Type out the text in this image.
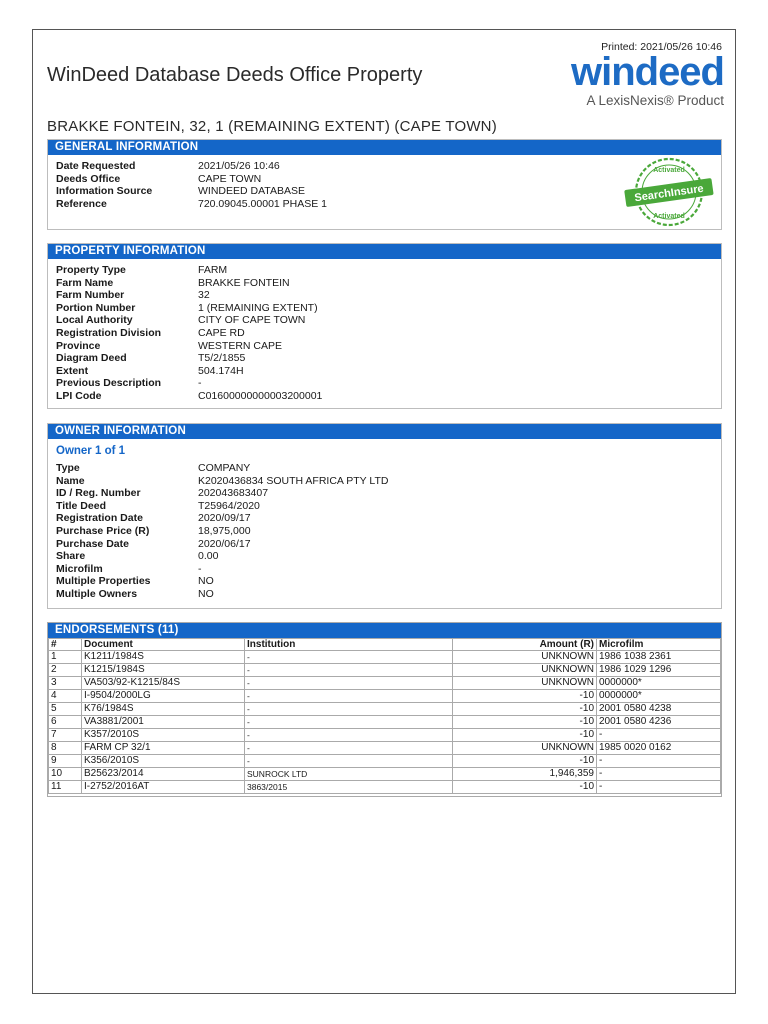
Printed: 2021/05/26 10:46
WinDeed Database Deeds Office Property	windeed
A LexisNexis® Product
BRAKKE FONTEIN, 32, 1 (REMAINING EXTENT) (CAPE TOWN)
Activated
SearchInsure
Activated
GENERAL INFORMATION
Date Requested	2021/05/26 10:46
Deeds Office	CAPE TOWN
Information Source	WINDEED DATABASE
Reference	720.09045.00001 PHASE 1
PROPERTY INFORMATION
Property Type	FARM
Farm Name	BRAKKE FONTEIN
Farm Number	32
Portion Number	1 (REMAINING EXTENT)
Local Authority	CITY OF CAPE TOWN
Registration Division	CAPE RD
Province	WESTERN CAPE
Diagram Deed	T5/2/1855
Extent	504.174H
Previous Description	-
LPI Code	C01600000000003200001
OWNER INFORMATION
Owner 1 of 1
Type	COMPANY
Name	K2020436834 SOUTH AFRICA PTY LTD
ID / Reg. Number	202043683407
Title Deed	T25964/2020
Registration Date	2020/09/17
Purchase Price (R)	18,975,000
Purchase Date	2020/06/17
Share	0.00
Microfilm	-
Multiple Properties	NO
Multiple Owners	NO
ENDORSEMENTS (11)
#	Document	Institution	Amount (R)	Microfilm
1	K1211/1984S	-	UNKNOWN	1986 1038 2361
2	K1215/1984S	-	UNKNOWN	1986 1029 1296
3	VA503/92-K1215/84S	-	UNKNOWN	0000000*
4	I-9504/2000LG	-	-10	0000000*
5	K76/1984S	-	-10	2001 0580 4238
6	VA3881/2001	-	-10	2001 0580 4236
7	K357/2010S	-	-10	-
8	FARM CP 32/1	-	UNKNOWN	1985 0020 0162
9	K356/2010S	-	-10	-
10	B25623/2014	SUNROCK LTD	1,946,359	-
11	I-2752/2016AT	3863/2015	-10	-
